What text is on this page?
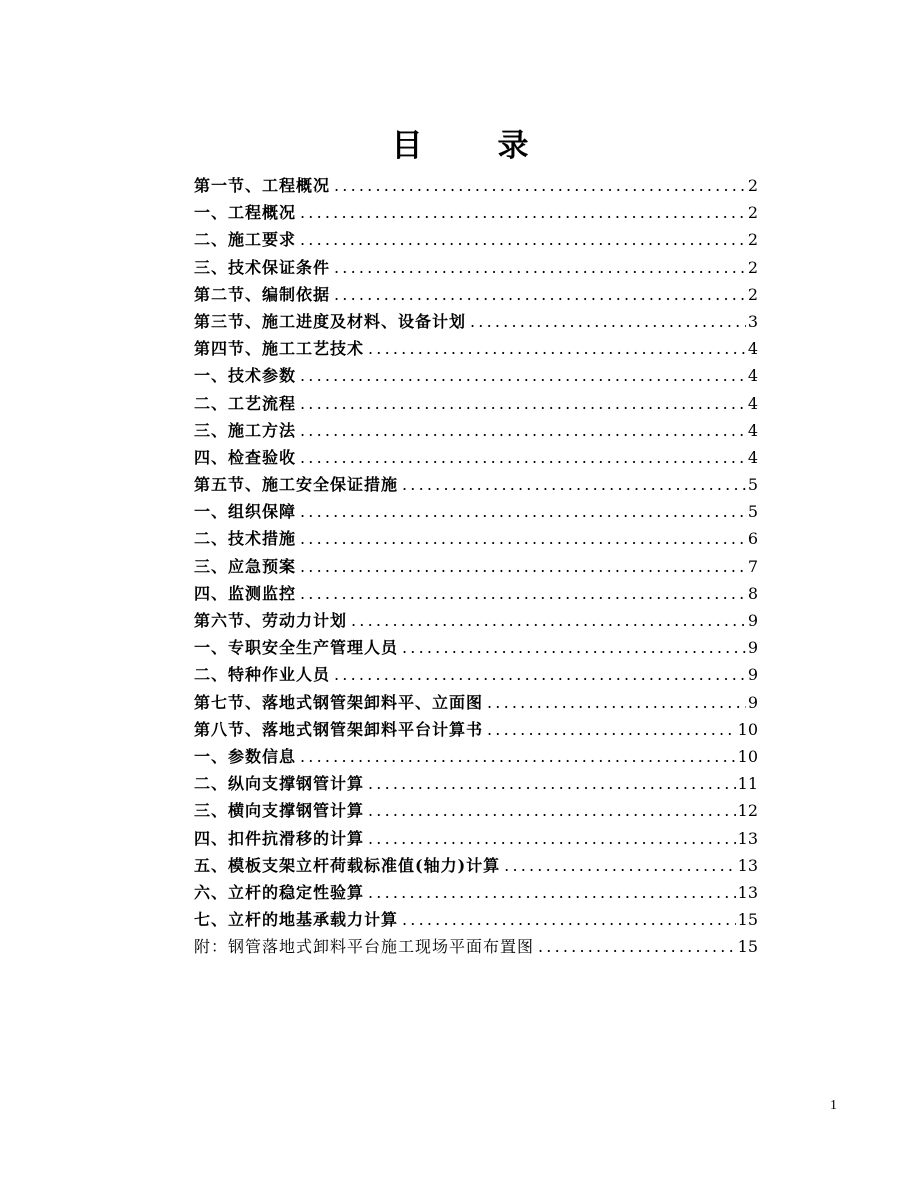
目　录
第一节、工程概况 .....	2
一、工程概况 .....	2
二、施工要求 .....	2
三、技术保证条件 .....	2
第二节、编制依据 .....	2
第三节、施工进度及材料、设备计划 .....	3
第四节、施工工艺技术 .....	4
一、技术参数 .....	4
二、工艺流程 .....	4
三、施工方法 .....	4
四、检查验收 .....	4
第五节、施工安全保证措施 .....	5
一、组织保障 .....	5
二、技术措施 .....	6
三、应急预案 .....	7
四、监测监控 .....	8
第六节、劳动力计划 .....	9
一、专职安全生产管理人员 .....	9
二、特种作业人员 .....	9
第七节、落地式钢管架卸料平、立面图 .....	9
第八节、落地式钢管架卸料平台计算书 .....	10
一、参数信息 .....	10
二、纵向支撑钢管计算 .....	11
三、横向支撑钢管计算 .....	12
四、扣件抗滑移的计算 .....	13
五、模板支架立杆荷载标准值(轴力)计算 .....	13
六、立杆的稳定性验算 .....	13
七、立杆的地基承载力计算 .....	15
附：钢管落地式卸料平台施工现场平面布置图 .....	15
1
